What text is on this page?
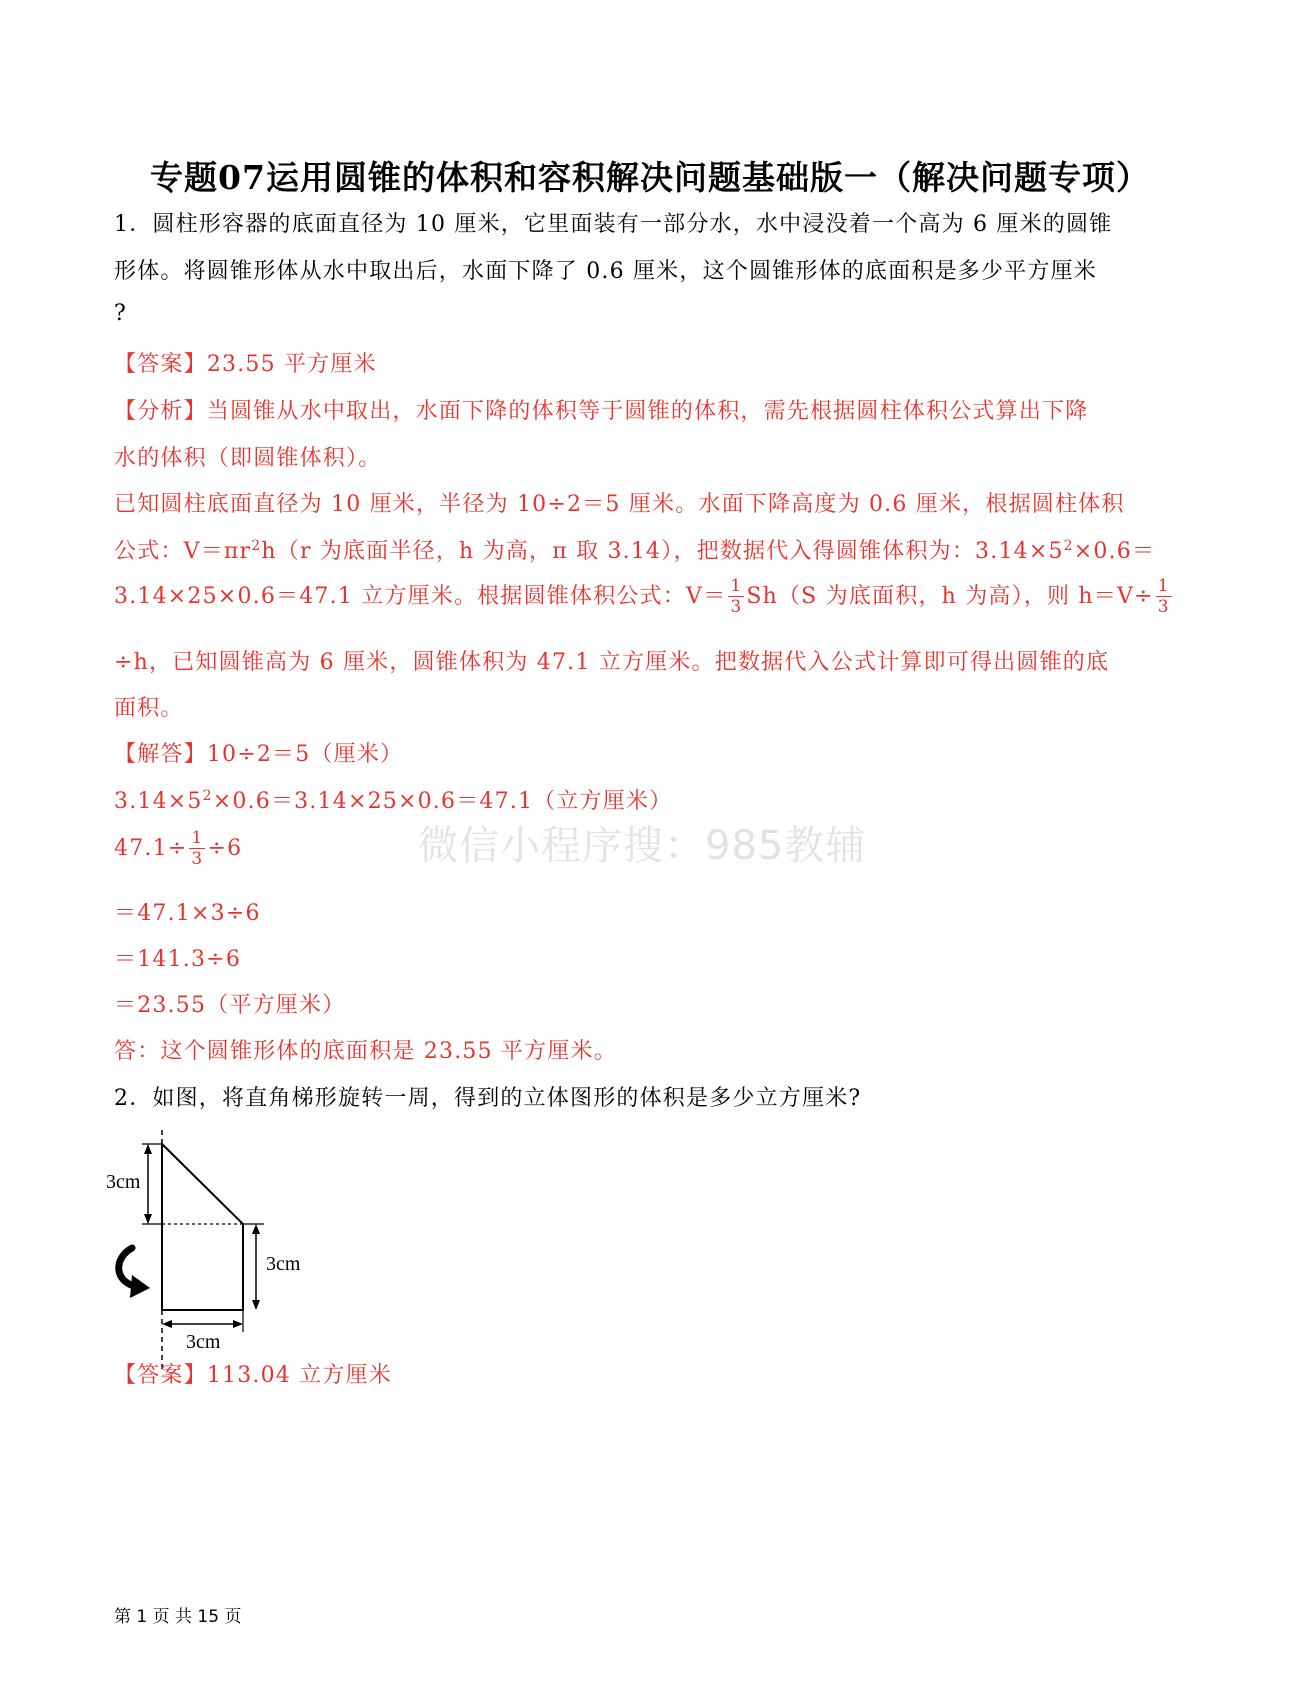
专题07运用圆锥的体积和容积解决问题基础版一（解决问题专项）
1．圆柱形容器的底面直径为 10 厘米，它里面装有一部分水，水中浸没着一个高为 6 厘米的圆锥
形体。将圆锥形体从水中取出后，水面下降了 0.6 厘米，这个圆锥形体的底面积是多少平方厘米
?
【答案】23.55 平方厘米
【分析】当圆锥从水中取出，水面下降的体积等于圆锥的体积，需先根据圆柱体积公式算出下降
水的体积（即圆锥体积）。
已知圆柱底面直径为 10 厘米，半径为 10÷2＝5 厘米。水面下降高度为 0.6 厘米，根据圆柱体积
公式：$V=\pi r^2h(r$ 为底面半径，h 为高，π 取 3.14），把数据代入得圆锥体积为：$3.14\times 5^2\times 0.6=$
3.14×25×0.6＝47.1 立方厘米。根据圆锥体积公式：$V= \frac{1}{3} Sh(S$ 为底面积，h 为高），则 $h=V\div \frac{1}{3}$
÷h，已知圆锥高为 6 厘米，圆锥体积为 47.1 立方厘米。把数据代入公式计算即可得出圆锥的底
面积。
【解答】10÷2＝5（厘米）
$3.14\times 5^2\times 0.6=3.14\times 25\times 0.6=47.1$（立方厘米）
$47.1\div \frac{1}{3} \div 6$
＝47.1×3÷6
＝141.3÷6
＝23.55（平方厘米）
答：这个圆锥形体的底面积是 23.55 平方厘米。
2．如图，将直角梯形旋转一周，得到的立体图形的体积是多少立方厘米?
3cm
3cm
3cm
【答案】113.04 立方厘米
微信小程序搜：985教辅
第 1 页 共 15 页
